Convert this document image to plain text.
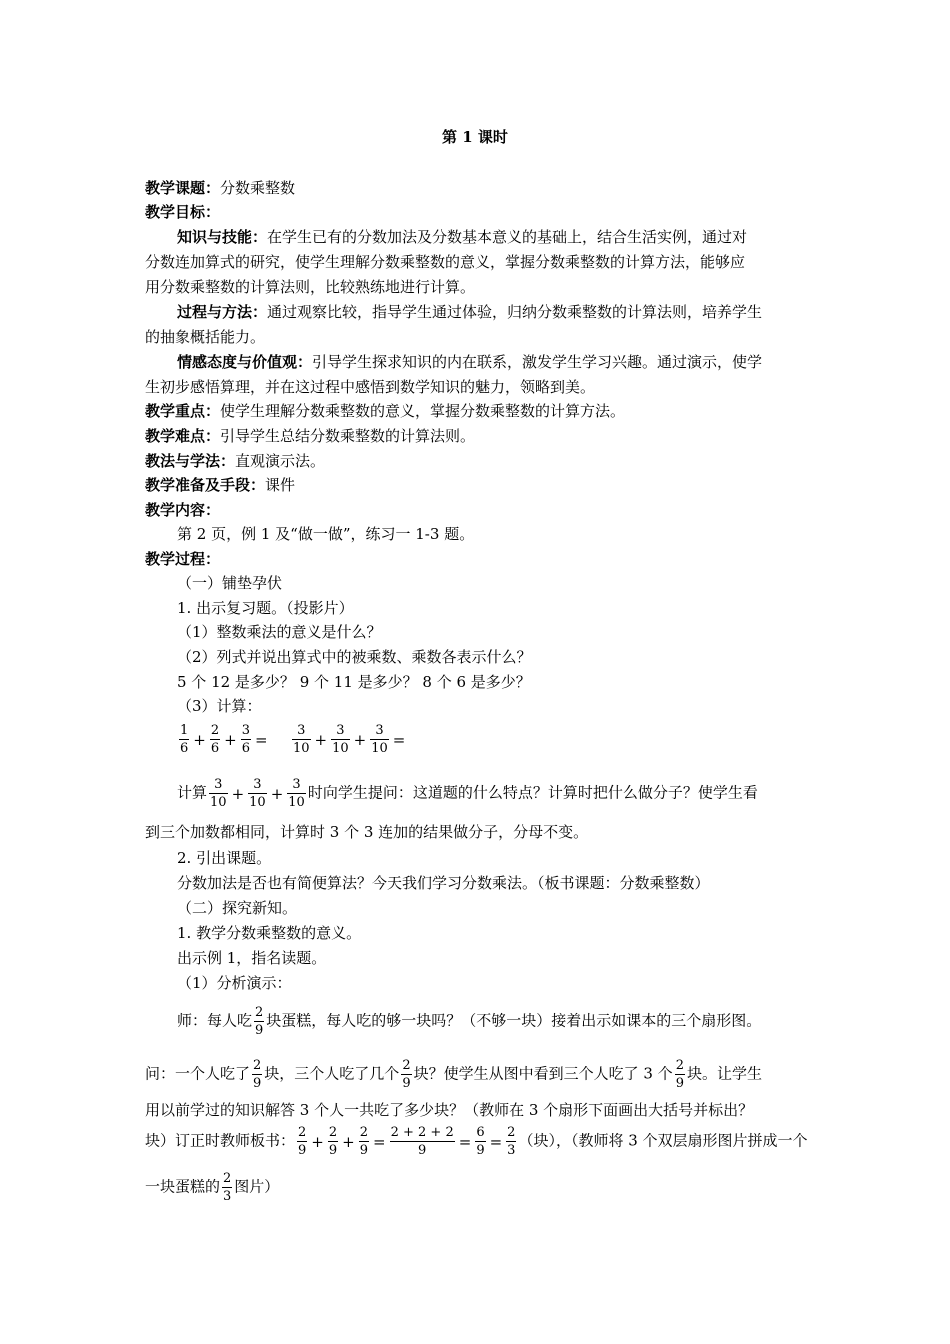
第 1 课时
教学课题：分数乘整数
教学目标：
知识与技能：在学生已有的分数加法及分数基本意义的基础上，结合生活实例，通过对
分数连加算式的研究，使学生理解分数乘整数的意义，掌握分数乘整数的计算方法，能够应
用分数乘整数的计算法则，比较熟练地进行计算。
过程与方法：通过观察比较，指导学生通过体验，归纳分数乘整数的计算法则，培养学生
的抽象概括能力。
情感态度与价值观：引导学生探求知识的内在联系，激发学生学习兴趣。通过演示，使学
生初步感悟算理，并在这过程中感悟到数学知识的魅力，领略到美。
教学重点：使学生理解分数乘整数的意义，掌握分数乘整数的计算方法。
教学难点：引导学生总结分数乘整数的计算法则。
教法与学法：直观演示法。
教学准备及手段：课件
教学内容：
第 2 页，例 1 及“做一做”，练习一 1-3 题。
教学过程：
（一）铺垫孕伏
1. 出示复习题。（投影片）
（1）整数乘法的意义是什么？
（2）列式并说出算式中的被乘数、乘数各表示什么？
5 个 12 是多少？ 9 个 11 是多少？ 8 个 6 是多少？
（3）计算：
$\frac{1}{6} + \frac{2}{6} + \frac{3}{6} = \frac{3}{10} + \frac{3}{10} + \frac{3}{10}$ =
计算 $\frac{3}{10} + \frac{3}{10} + \frac{3}{10}$ 时向学生提问：这道题的什么特点？计算时把什么做分子？使学生看
到三个加数都相同，计算时 3 个 3 连加的结果做分子，分母不变。
2. 引出课题。
分数加法是否也有简便算法？今天我们学习分数乘法。（板书课题：分数乘整数）
（二）探究新知。
1. 教学分数乘整数的意义。
出示例 1，指名读题。
（1）分析演示：
师：每人吃 $\frac{2}{9}$ 块蛋糕，每人吃的够一块吗？（不够一块）接着出示如课本的三个扇形图。
问：一个人吃了 $\frac{2}{9}$ 块，三个人吃了几个 $\frac{2}{9}$ 块？使学生从图中看到三个人吃了 3 个 $\frac{2}{9}$ 块。让学生
用以前学过的知识解答 3 个人一共吃了多少块？（教师在 3 个扇形下面画出大括号并标出？
块）订正时教师板书： $\frac{2}{9} + \frac{2}{9} + \frac{2}{9} = \frac{2 + 2 + 2}{9} = \frac{6}{9} = \frac{2}{3}$ （块），（教师将 3 个双层扇形图片拼成一个
一块蛋糕的 $\frac{2}{3}$ 图片）
